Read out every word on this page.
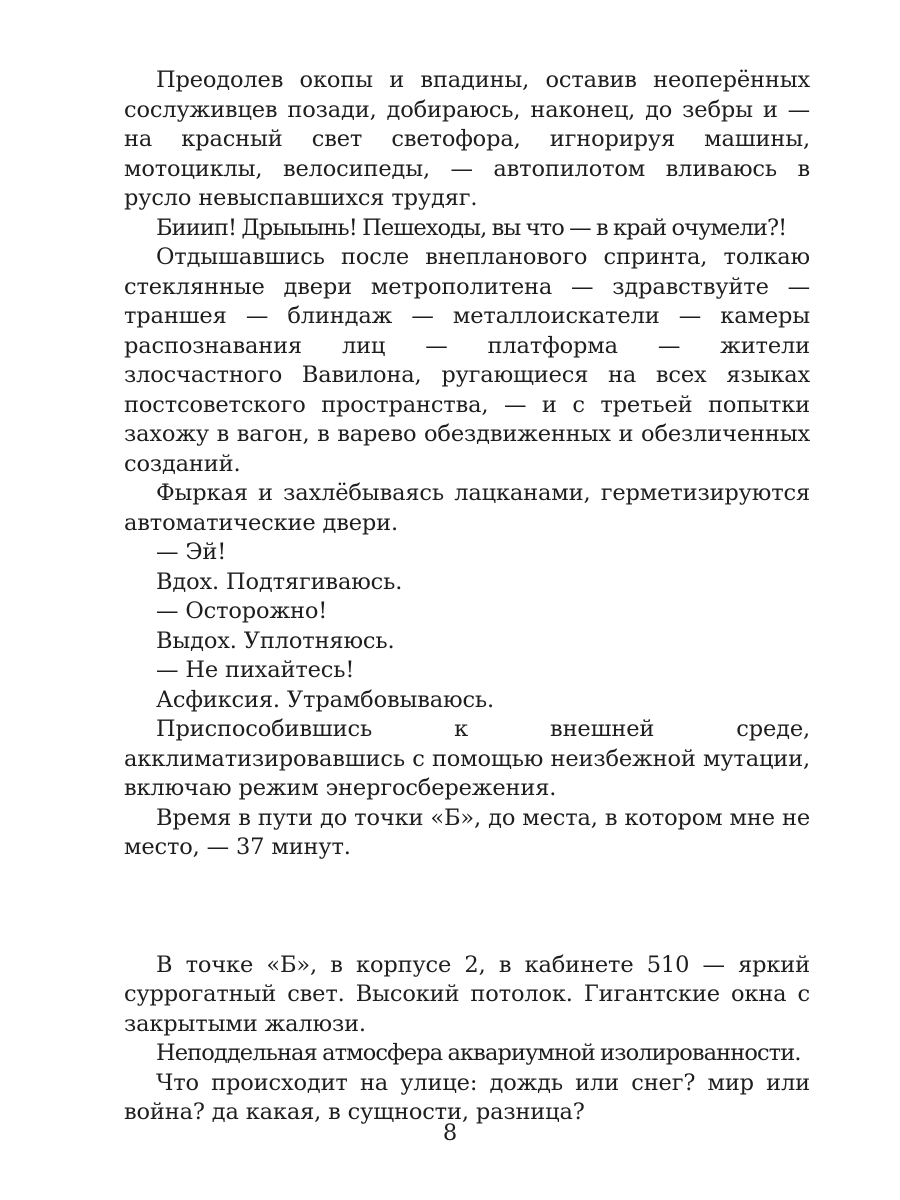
Преодолев окопы и впадины, оставив неоперённых сослуживцев позади, добираюсь, наконец, до зебры и — на красный свет светофора, игнорируя машины, мотоциклы, велосипеды, — автопилотом вливаюсь в русло невыспавшихся трудяг.

Бииип! Дрыыынь! Пешеходы, вы что — в край очумели?!

Отдышавшись после внепланового спринта, толкаю стеклянные двери метрополитена — здравствуйте — траншея — блиндаж — металлоискатели — камеры распознавания лиц — платформа — жители злосчастного Вавилона, ругающиеся на всех языках постсоветского пространства, — и с третьей попытки захожу в вагон, в варево обездвиженных и обезличенных созданий.

Фыркая и захлёбываясь лацканами, герметизируются автоматические двери.

— Эй!

Вдох. Подтягиваюсь.

— Осторожно!

Выдох. Уплотняюсь.

— Не пихайтесь!

Асфиксия. Утрамбовываюсь.

Приспособившись к внешней среде, акклиматизировавшись с помощью неизбежной мутации, включаю режим энергосбережения.

Время в пути до точки «Б», до места, в котором мне не место, — 37 минут.

В точке «Б», в корпусе 2, в кабинете 510 — яркий суррогатный свет. Высокий потолок. Гигантские окна с закрытыми жалюзи.

Неподдельная атмосфера аквариумной изолированности.

Что происходит на улице: дождь или снег? мир или война? да какая, в сущности, разница?

8
